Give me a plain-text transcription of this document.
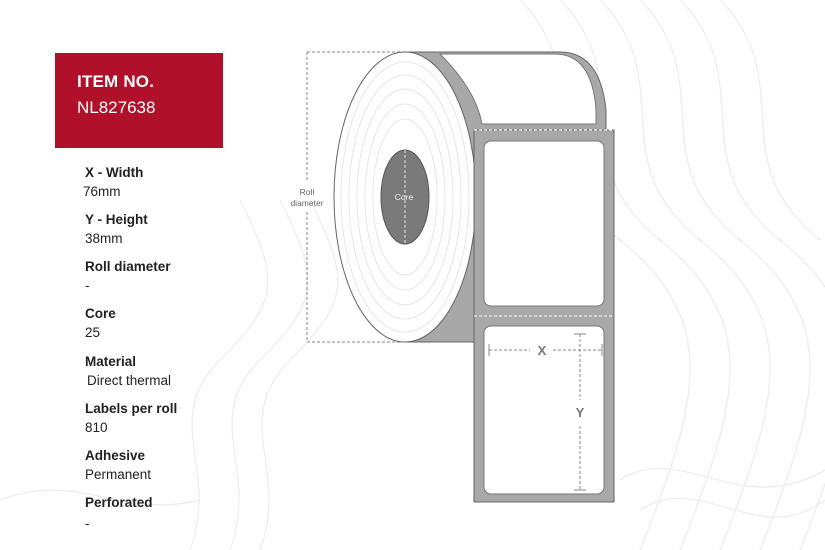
ITEM NO.
NL827638
X - Width
76mm
Y - Height
38mm
Roll diameter
-
Core
25
Material
Direct thermal
Labels per roll
810
Adhesive
Permanent
Perforated
-
Roll
diameter
Core
X
Y
